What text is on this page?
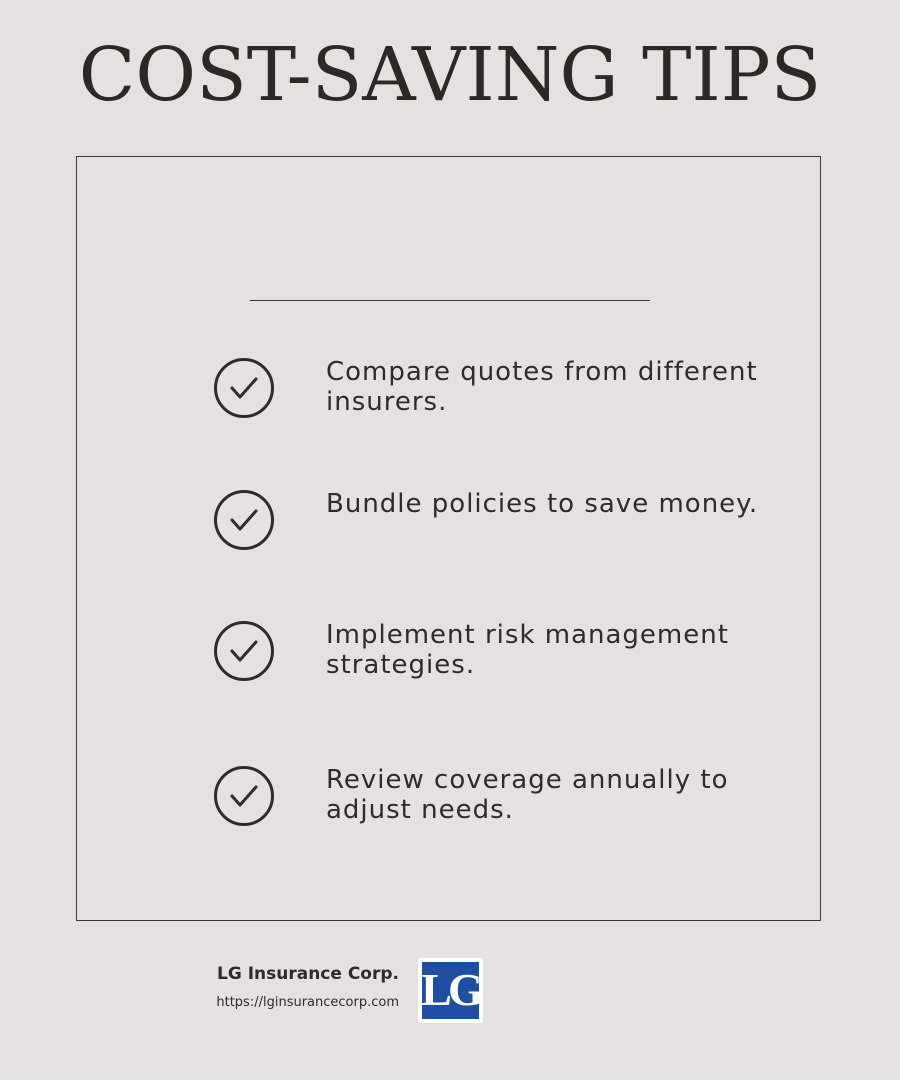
COST-SAVING TIPS
Compare quotes from different insurers.
Bundle policies to save money.
Implement risk management strategies.
Review coverage annually to adjust needs.
LG Insurance Corp.
https://lginsurancecorp.com LG
